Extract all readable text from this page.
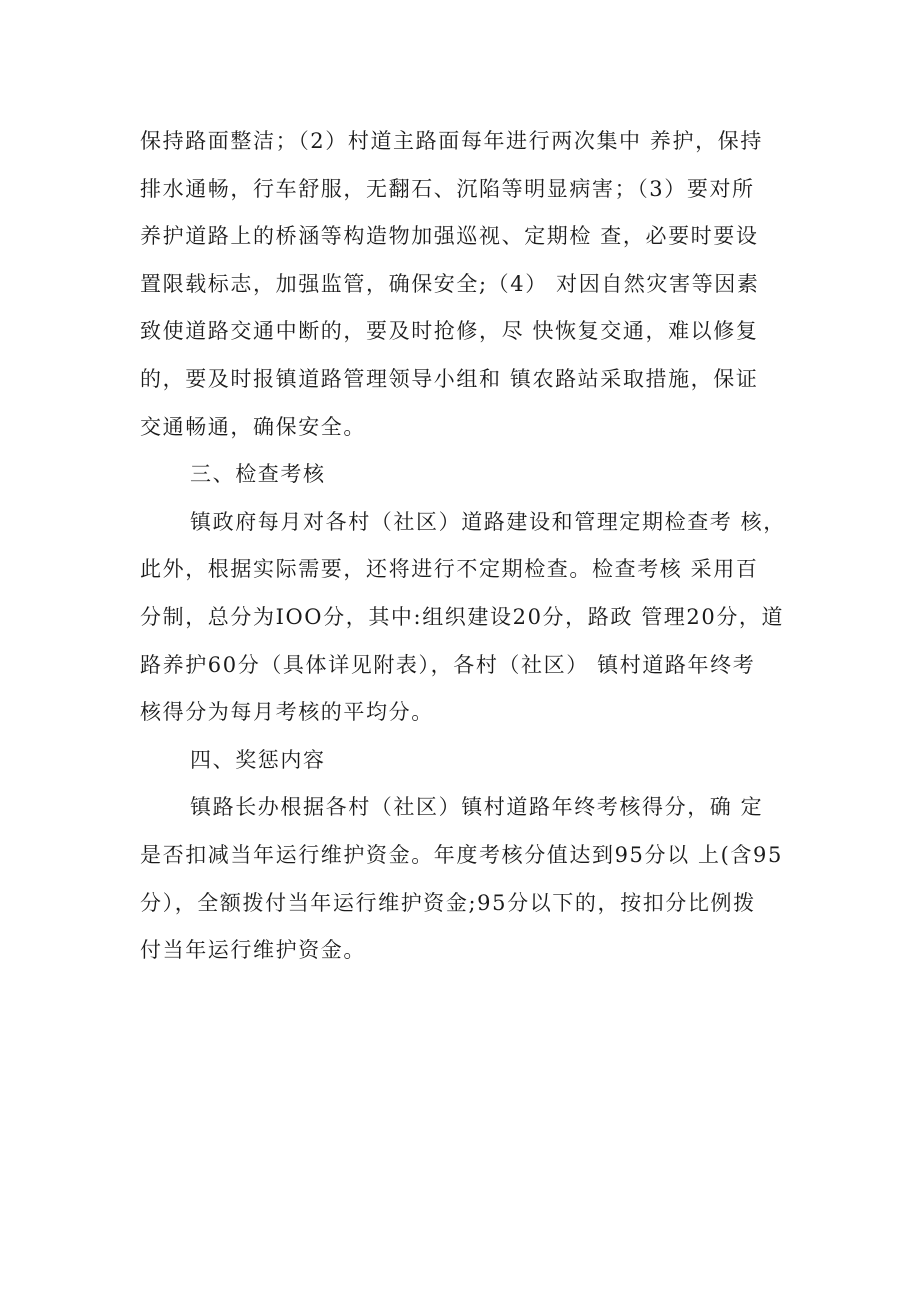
保持路面整洁；（2）村道主路面每年进行两次集中 养护，保持
排水通畅，行车舒服，无翻石、沉陷等明显病害；（3）要对所
养护道路上的桥涵等构造物加强巡视、定期检 查，必要时要设
置限载标志，加强监管，确保安全;（4） 对因自然灾害等因素
致使道路交通中断的，要及时抢修，尽 快恢复交通，难以修复
的，要及时报镇道路管理领导小组和 镇农路站采取措施，保证
交通畅通，确保安全。
三、检查考核
镇政府每月对各村（社区）道路建设和管理定期检查考 核，
此外，根据实际需要，还将进行不定期检查。检查考核 采用百
分制，总分为IOO分，其中:组织建设20分，路政 管理20分，道
路养护60分（具体详见附表），各村（社区） 镇村道路年终考
核得分为每月考核的平均分。
四、奖惩内容
镇路长办根据各村（社区）镇村道路年终考核得分，确 定
是否扣减当年运行维护资金。年度考核分值达到95分以 上(含95
分），全额拨付当年运行维护资金;95分以下的，按扣分比例拨
付当年运行维护资金。
